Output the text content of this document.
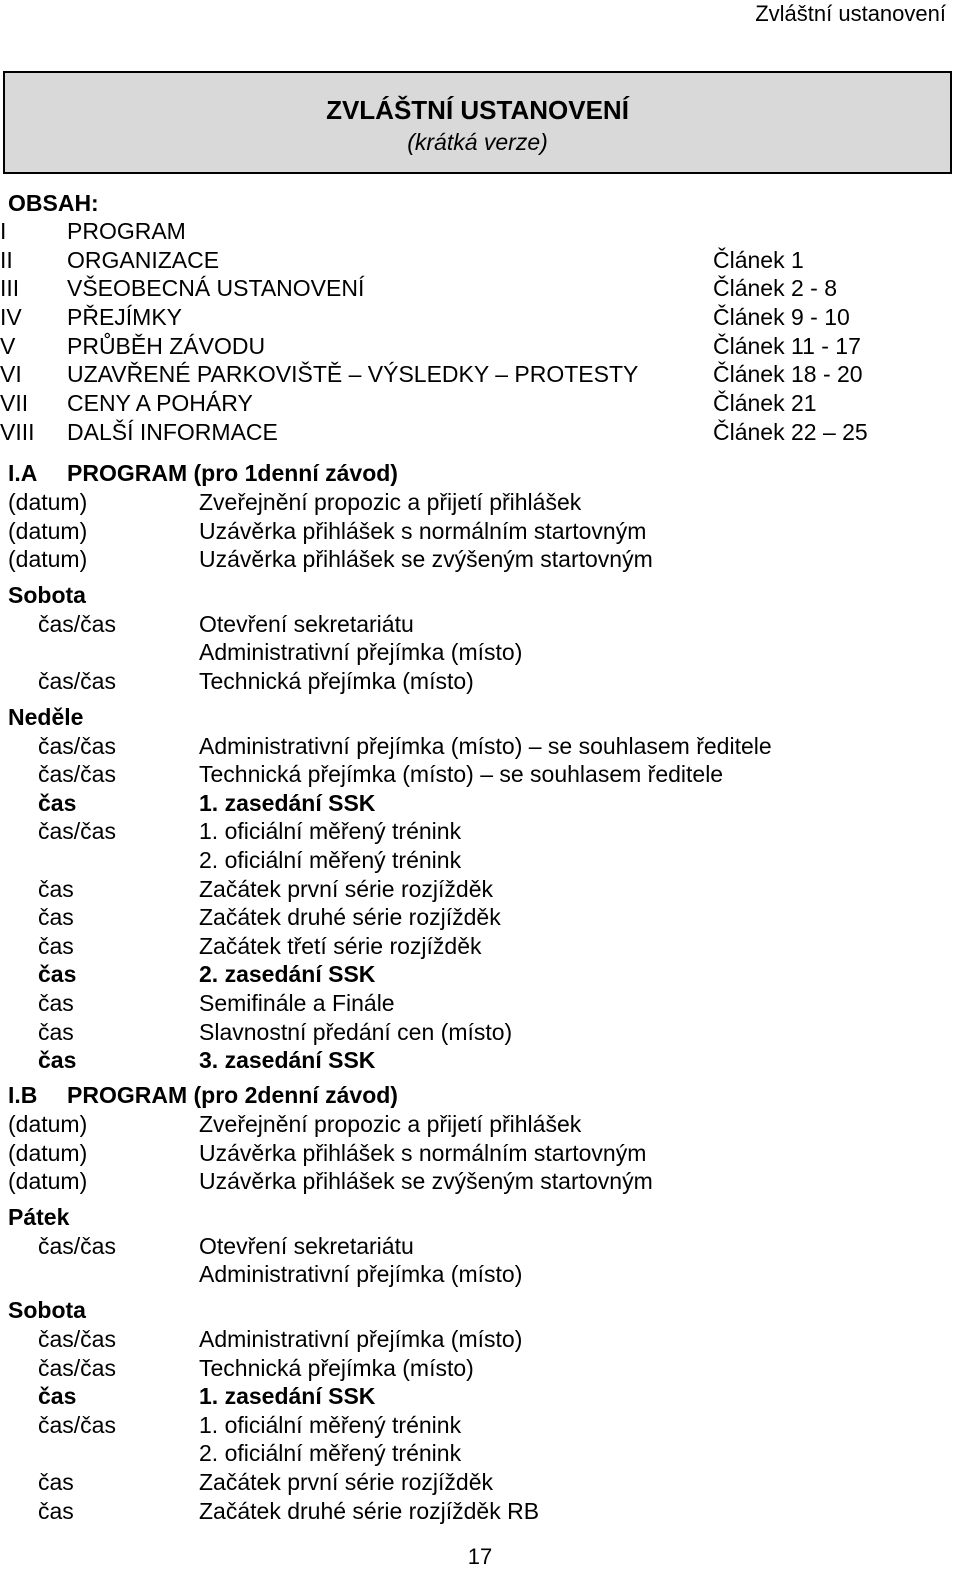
Zvláštní ustanovení
ZVLÁŠTNÍ USTANOVENÍ
(krátká verze)
OBSAH:
I	PROGRAM
II ORGANIZACE	Článek 1
III VŠEOBECNÁ USTANOVENÍ	Článek 2 - 8
IV PŘEJÍMKY	Článek 9 - 10
V PRŮBĚH ZÁVODU	Článek 11 - 17
VI UZAVŘENÉ PARKOVIŠTĚ – VÝSLEDKY – PROTESTY	Článek 18 - 20
VII CENY A POHÁRY	Článek 21
VIII DALŠÍ INFORMACE	Článek 22 – 25
I.A PROGRAM (pro 1denní závod)
(datum)	Zveřejnění propozic a přijetí přihlášek
(datum)	Uzávěrka přihlášek s normálním startovným
(datum)	Uzávěrka přihlášek se zvýšeným startovným
Sobota
čas/čas	Otevření sekretariátu
Administrativní přejímka (místo)
čas/čas	Technická přejímka (místo)
Neděle
čas/čas	Administrativní přejímka (místo) – se souhlasem ředitele
čas/čas	Technická přejímka (místo) – se souhlasem ředitele
čas	1. zasedání SSK
čas/čas	1. oficiální měřený trénink
2. oficiální měřený trénink
čas	Začátek první série rozjížděk
čas	Začátek druhé série rozjížděk
čas	Začátek třetí série rozjížděk
čas	2. zasedání SSK
čas	Semifinále a Finále
čas	Slavnostní předání cen (místo)
čas	3. zasedání SSK
I.B PROGRAM (pro 2denní závod)
(datum)	Zveřejnění propozic a přijetí přihlášek
(datum)	Uzávěrka přihlášek s normálním startovným
(datum)	Uzávěrka přihlášek se zvýšeným startovným
Pátek
čas/čas	Otevření sekretariátu
Administrativní přejímka (místo)
Sobota
čas/čas	Administrativní přejímka (místo)
čas/čas	Technická přejímka (místo)
čas	1. zasedání SSK
čas/čas	1. oficiální měřený trénink
2. oficiální měřený trénink
čas	Začátek první série rozjížděk
čas	Začátek druhé série rozjížděk RB
17
